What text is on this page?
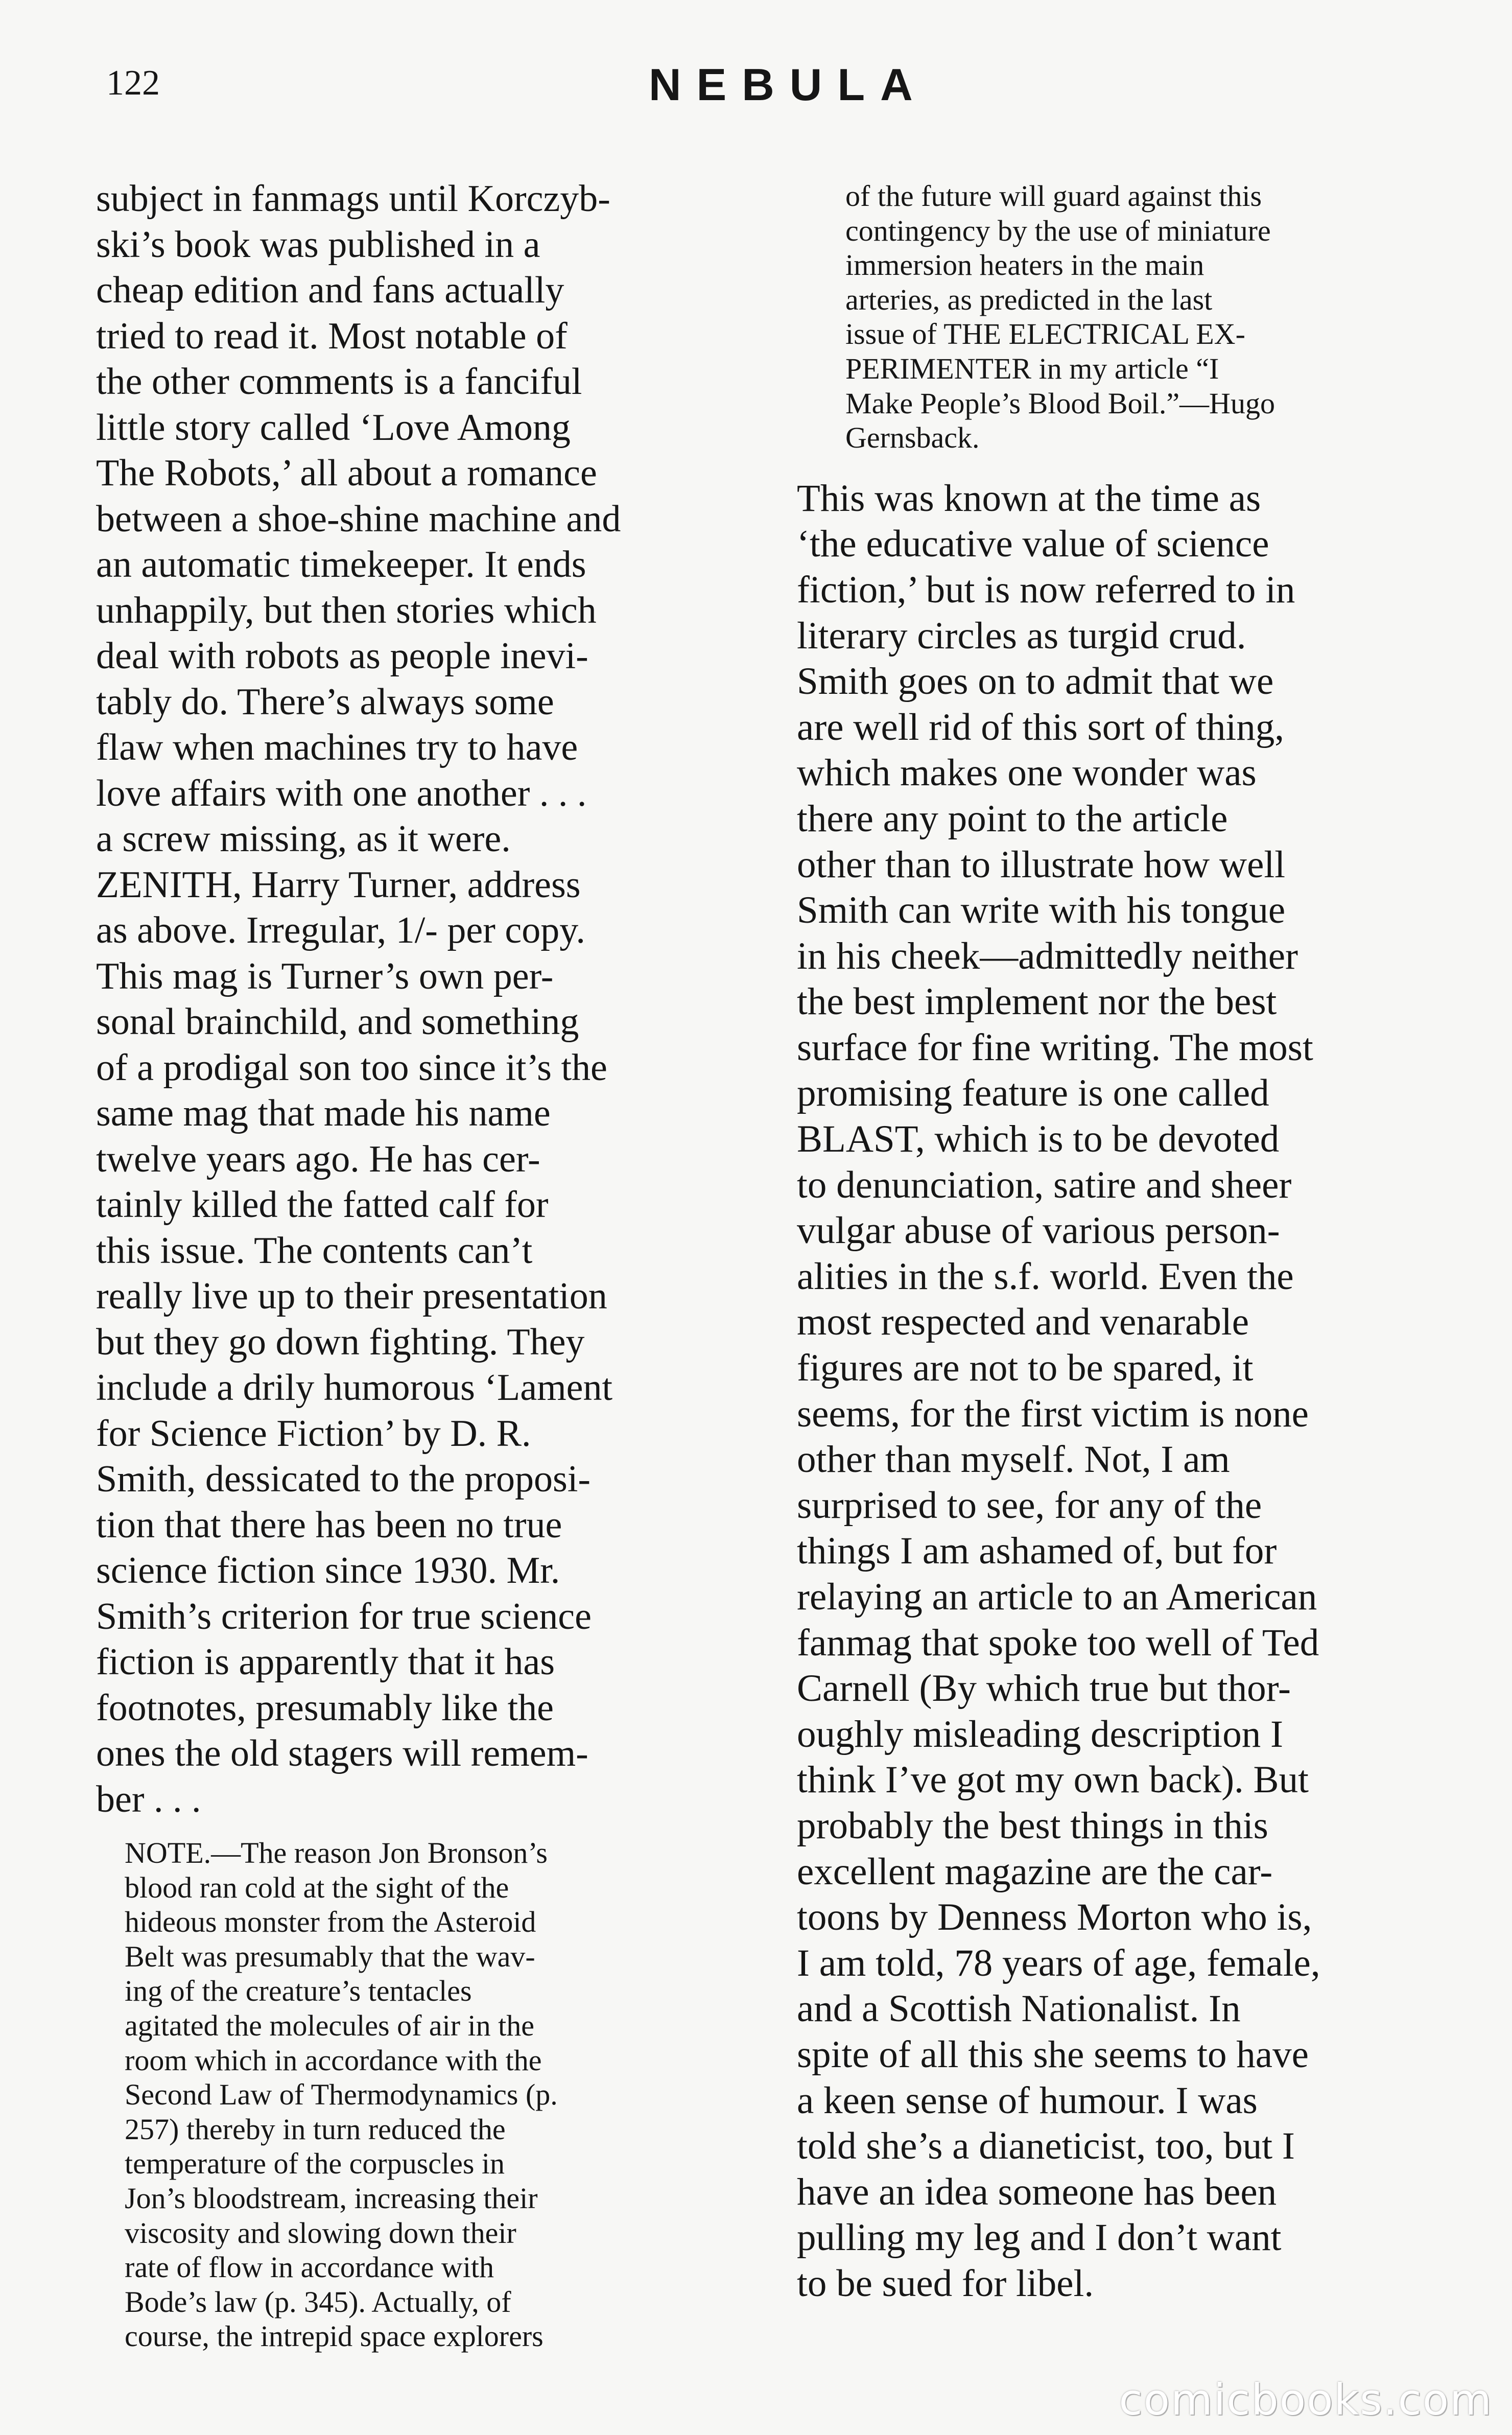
122	NEBULA

subject in fanmags until Korczyb-
ski’s book was published in a
cheap edition and fans actually
tried to read it. Most notable of
the other comments is a fanciful
little story called ‘Love Among
The Robots,’ all about a romance
between a shoe-shine machine and
an automatic timekeeper. It ends
unhappily, but then stories which
deal with robots as people inevi-
tably do. There’s always some
flaw when machines try to have
love affairs with one another . . .
a screw missing, as it were.
ZENITH, Harry Turner, address
as above. Irregular, 1/- per copy.
This mag is Turner’s own per-
sonal brainchild, and something
of a prodigal son too since it’s the
same mag that made his name
twelve years ago. He has cer-
tainly killed the fatted calf for
this issue. The contents can’t
really live up to their presentation
but they go down fighting. They
include a drily humorous ‘Lament
for Science Fiction’ by D. R.
Smith, dessicated to the proposi-
tion that there has been no true
science fiction since 1930. Mr.
Smith’s criterion for true science
fiction is apparently that it has
footnotes, presumably like the
ones the old stagers will remem-
ber . . .

NOTE.—The reason Jon Bronson’s
blood ran cold at the sight of the
hideous monster from the Asteroid
Belt was presumably that the wav-
ing of the creature’s tentacles
agitated the molecules of air in the
room which in accordance with the
Second Law of Thermodynamics (p.
257) thereby in turn reduced the
temperature of the corpuscles in
Jon’s bloodstream, increasing their
viscosity and slowing down their
rate of flow in accordance with
Bode’s law (p. 345). Actually, of
course, the intrepid space explorers

of the future will guard against this
contingency by the use of miniature
immersion heaters in the main
arteries, as predicted in the last
issue of THE ELECTRICAL EX-
PERIMENTER in my article “I
Make People’s Blood Boil.”—Hugo
Gernsback.

This was known at the time as
‘the educative value of science
fiction,’ but is now referred to in
literary circles as turgid crud.
Smith goes on to admit that we
are well rid of this sort of thing,
which makes one wonder was
there any point to the article
other than to illustrate how well
Smith can write with his tongue
in his cheek—admittedly neither
the best implement nor the best
surface for fine writing. The most
promising feature is one called
BLAST, which is to be devoted
to denunciation, satire and sheer
vulgar abuse of various person-
alities in the s.f. world. Even the
most respected and venarable
figures are not to be spared, it
seems, for the first victim is none
other than myself. Not, I am
surprised to see, for any of the
things I am ashamed of, but for
relaying an article to an American
fanmag that spoke too well of Ted
Carnell (By which true but thor-
oughly misleading description I
think I’ve got my own back). But
probably the best things in this
excellent magazine are the car-
toons by Denness Morton who is,
I am told, 78 years of age, female,
and a Scottish Nationalist. In
spite of all this she seems to have
a keen sense of humour. I was
told she’s a dianeticist, too, but I
have an idea someone has been
pulling my leg and I don’t want
to be sued for libel.

comicbooks.com
